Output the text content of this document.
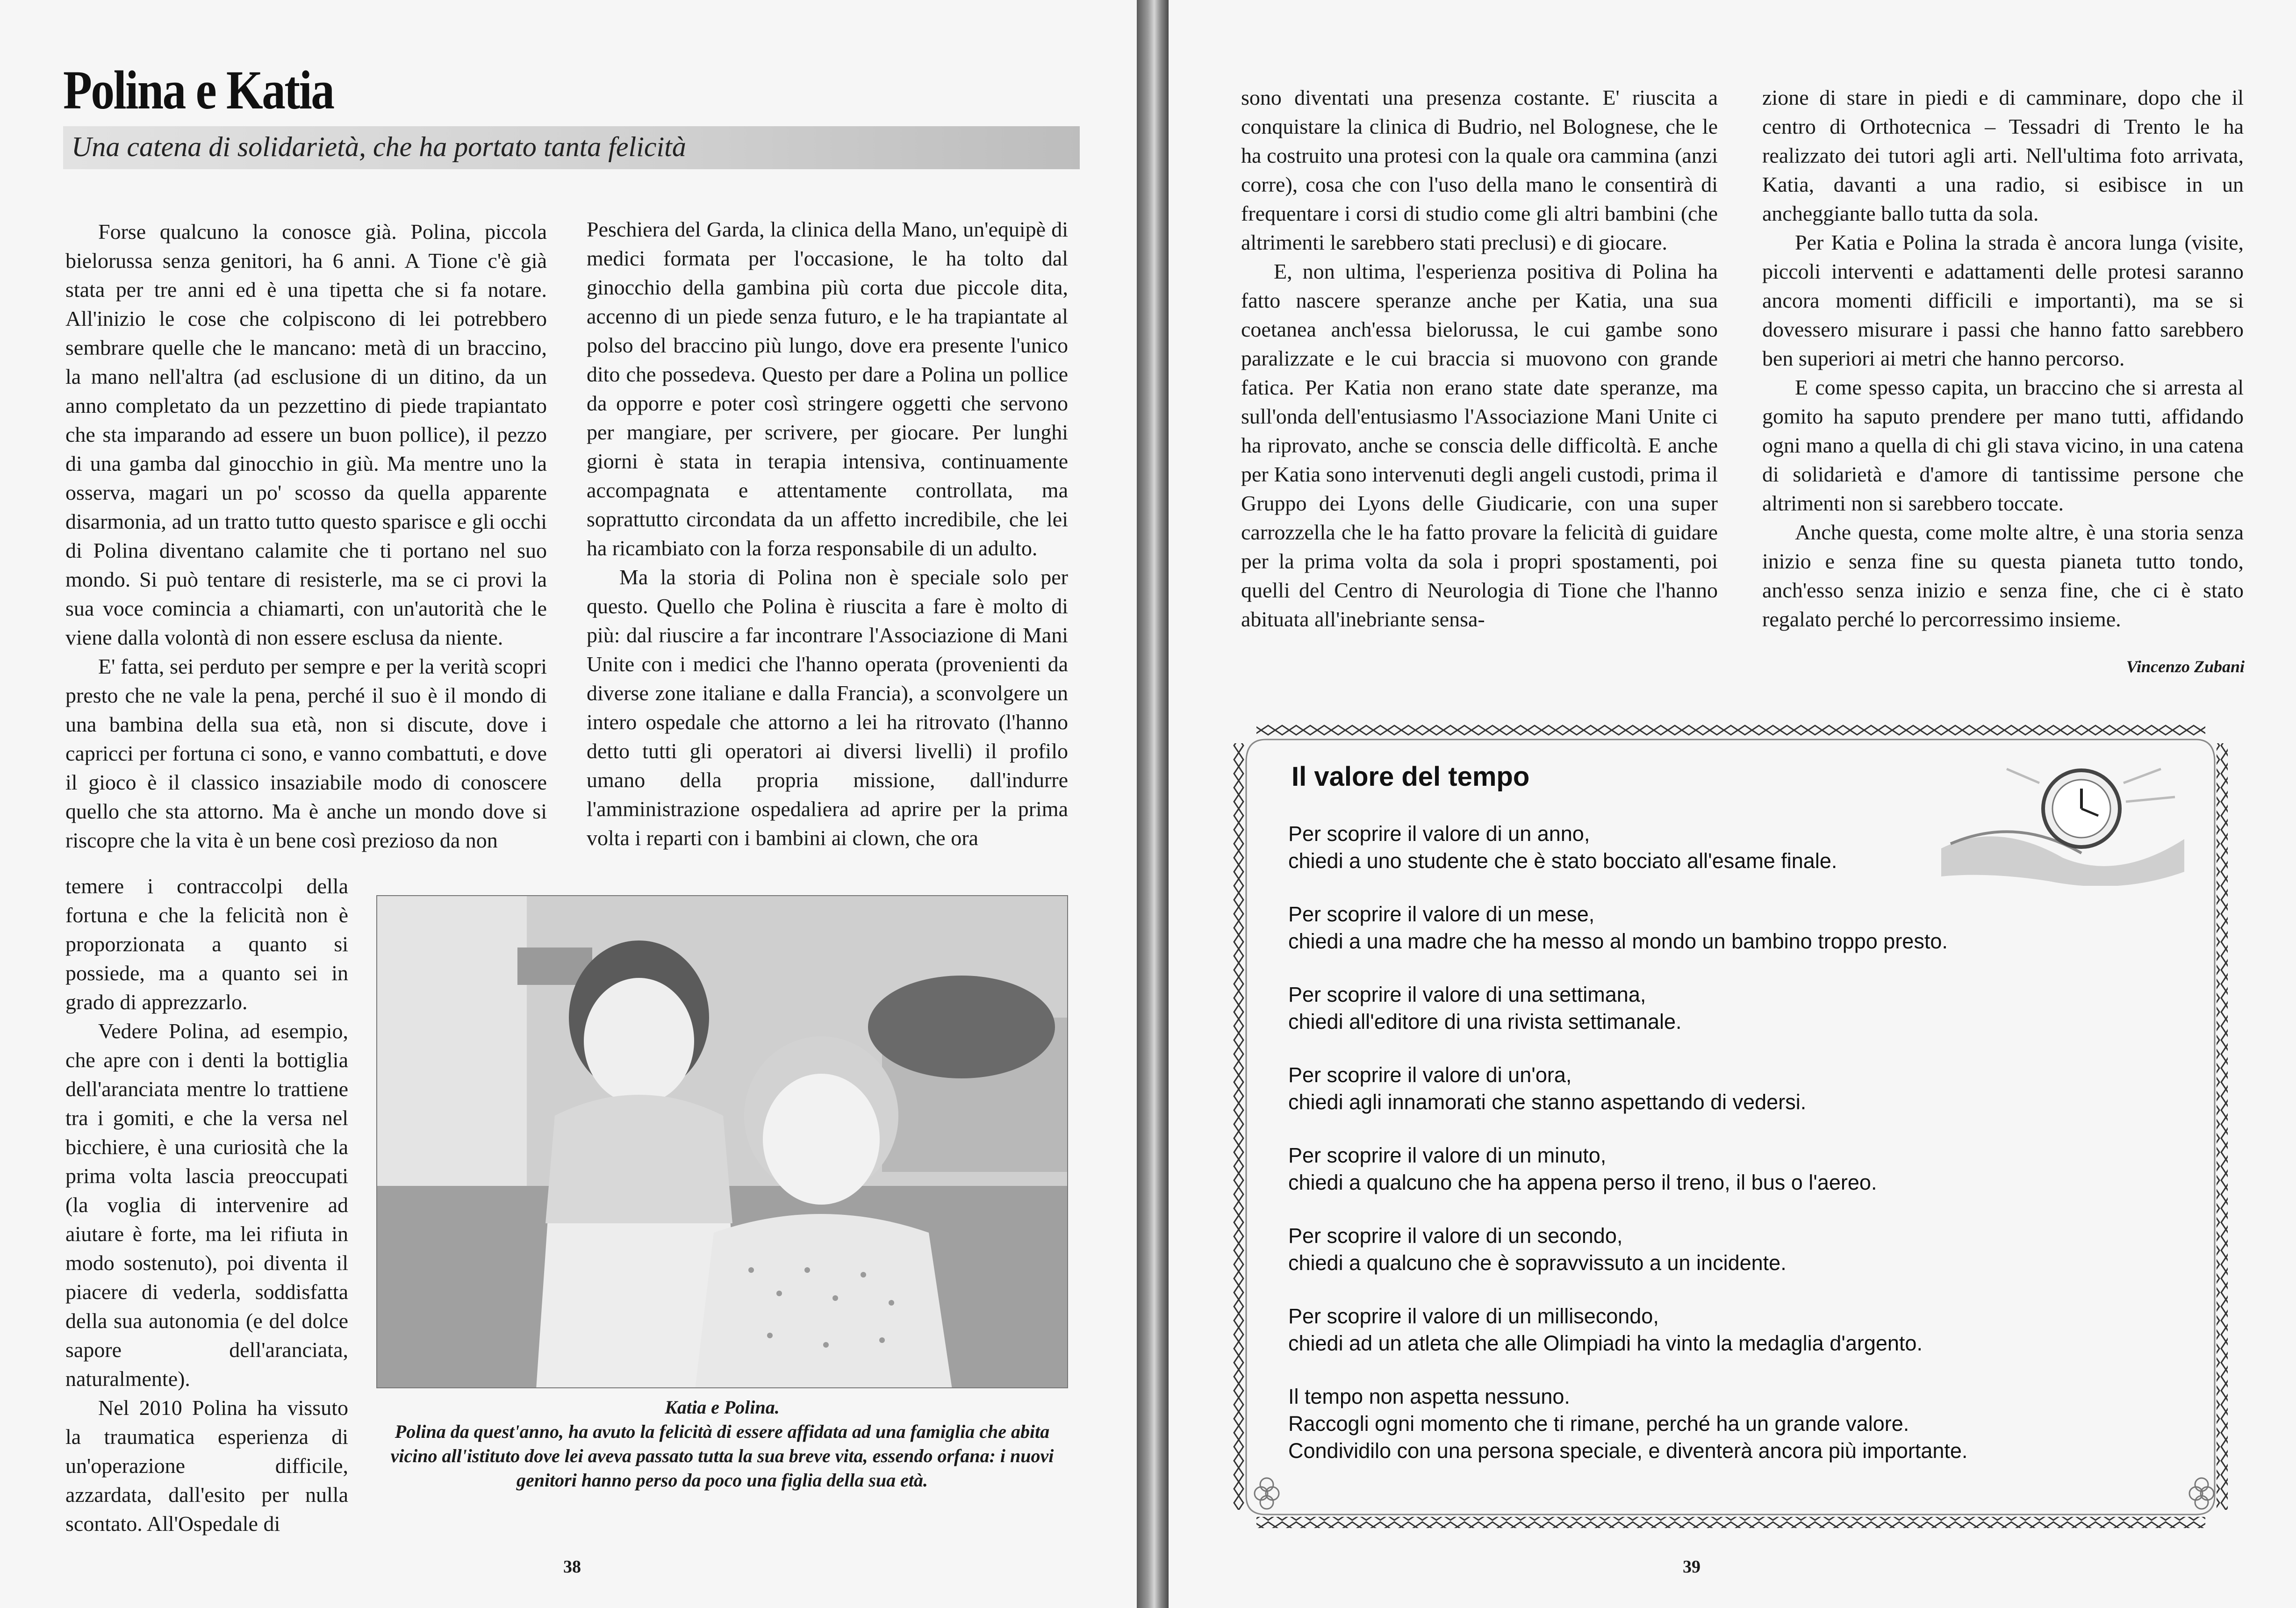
Polina e Katia
Una catena di solidarietà, che ha portato tanta felicità

Forse qualcuno la conosce già. Polina, piccola bielorussa senza genitori, ha 6 anni. A Tione c'è già stata per tre anni ed è una tipetta che si fa notare. All'inizio le cose che colpiscono di lei potrebbero sembrare quelle che le mancano: metà di un braccino, la mano nell'altra (ad esclusione di un ditino, da un anno completato da un pezzettino di piede trapiantato che sta imparando ad essere un buon pollice), il pezzo di una gamba dal ginocchio in giù. Ma mentre uno la osserva, magari un po' scosso da quella apparente disarmonia, ad un tratto tutto questo sparisce e gli occhi di Polina diventano calamite che ti portano nel suo mondo. Si può tentare di resisterle, ma se ci provi la sua voce comincia a chiamarti, con un'autorità che le viene dalla volontà di non essere esclusa da niente.

E' fatta, sei perduto per sempre e per la verità scopri presto che ne vale la pena, perché il suo è il mondo di una bambina della sua età, non si discute, dove i capricci per fortuna ci sono, e vanno combattuti, e dove il gioco è il classico insaziabile modo di conoscere quello che sta attorno. Ma è anche un mondo dove si riscopre che la vita è un bene così prezioso da non

temere i contraccolpi della fortuna e che la felicità non è proporzionata a quanto si possiede, ma a quanto sei in grado di apprezzarlo.

Vedere Polina, ad esempio, che apre con i denti la bottiglia dell'aranciata mentre lo trattiene tra i gomiti, e che la versa nel bicchiere, è una curiosità che la prima volta lascia preoccupati (la voglia di intervenire ad aiutare è forte, ma lei rifiuta in modo sostenuto), poi diventa il piacere di vederla, soddisfatta della sua autonomia (e del dolce sapore dell'aranciata, naturalmente).

Nel 2010 Polina ha vissuto la traumatica esperienza di un'operazione difficile, azzardata, dall'esito per nulla scontato. All'Ospedale di

Peschiera del Garda, la clinica della Mano, un'equipè di medici formata per l'occasione, le ha tolto dal ginocchio della gambina più corta due piccole dita, accenno di un piede senza futuro, e le ha trapiantate al polso del braccino più lungo, dove era presente l'unico dito che possedeva. Questo per dare a Polina un pollice da opporre e poter così stringere oggetti che servono per mangiare, per scrivere, per giocare. Per lunghi giorni è stata in terapia intensiva, continuamente accompagnata e attentamente controllata, ma soprattutto circondata da un affetto incredibile, che lei ha ricambiato con la forza responsabile di un adulto.

Ma la storia di Polina non è speciale solo per questo. Quello che Polina è riuscita a fare è molto di più: dal riuscire a far incontrare l'Associazione di Mani Unite con i medici che l'hanno operata (provenienti da diverse zone italiane e dalla Francia), a sconvolgere un intero ospedale che attorno a lei ha ritrovato (l'hanno detto tutti gli operatori ai diversi livelli) il profilo umano della propria missione, dall'indurre l'amministrazione ospedaliera ad aprire per la prima volta i reparti con i bambini ai clown, che ora

Katia e Polina.
Polina da quest'anno, ha avuto la felicità di essere affidata ad una famiglia che abita vicino all'istituto dove lei aveva passato tutta la sua breve vita, essendo orfana: i nuovi genitori hanno perso da poco una figlia della sua età.
38

sono diventati una presenza costante. E' riuscita a conquistare la clinica di Budrio, nel Bolognese, che le ha costruito una protesi con la quale ora cammina (anzi corre), cosa che con l'uso della mano le consentirà di frequentare i corsi di studio come gli altri bambini (che altrimenti le sarebbero stati preclusi) e di giocare.

E, non ultima, l'esperienza positiva di Polina ha fatto nascere speranze anche per Katia, una sua coetanea anch'essa bielorussa, le cui gambe sono paralizzate e le cui braccia si muovono con grande fatica. Per Katia non erano state date speranze, ma sull'onda dell'entusiasmo l'Associazione Mani Unite ci ha riprovato, anche se conscia delle difficoltà. E anche per Katia sono intervenuti degli angeli custodi, prima il Gruppo dei Lyons delle Giudicarie, con una super carrozzella che le ha fatto provare la felicità di guidare per la prima volta da sola i propri spostamenti, poi quelli del Centro di Neurologia di Tione che l'hanno abituata all'inebriante sensa-

zione di stare in piedi e di camminare, dopo che il centro di Orthotecnica – Tessadri di Trento le ha realizzato dei tutori agli arti. Nell'ultima foto arrivata, Katia, davanti a una radio, si esibisce in un ancheggiante ballo tutta da sola.

Per Katia e Polina la strada è ancora lunga (visite, piccoli interventi e adattamenti delle protesi saranno ancora momenti difficili e importanti), ma se si dovessero misurare i passi che hanno fatto sarebbero ben superiori ai metri che hanno percorso.

E come spesso capita, un braccino che si arresta al gomito ha saputo prendere per mano tutti, affidando ogni mano a quella di chi gli stava vicino, in una catena di solidarietà e d'amore di tantissime persone che altrimenti non si sarebbero toccate.

Anche questa, come molte altre, è una storia senza inizio e senza fine su questa pianeta tutto tondo, anch'esso senza inizio e senza fine, che ci è stato regalato perché lo percorressimo insieme.

Vincenzo Zubani
39
Il valore del tempo
Per scoprire il valore di un anno,
chiedi a uno studente che è stato bocciato all'esame finale.
Per scoprire il valore di un mese,
chiedi a una madre che ha messo al mondo un bambino troppo presto.
Per scoprire il valore di una settimana,
chiedi all'editore di una rivista settimanale.
Per scoprire il valore di un'ora,
chiedi agli innamorati che stanno aspettando di vedersi.
Per scoprire il valore di un minuto,
chiedi a qualcuno che ha appena perso il treno, il bus o l'aereo.
Per scoprire il valore di un secondo,
chiedi a qualcuno che è sopravvissuto a un incidente.
Per scoprire il valore di un millisecondo,
chiedi ad un atleta che alle Olimpiadi ha vinto la medaglia d'argento.
Il tempo non aspetta nessuno.
Raccogli ogni momento che ti rimane, perché ha un grande valore.
Condividilo con una persona speciale, e diventerà ancora più importante.
